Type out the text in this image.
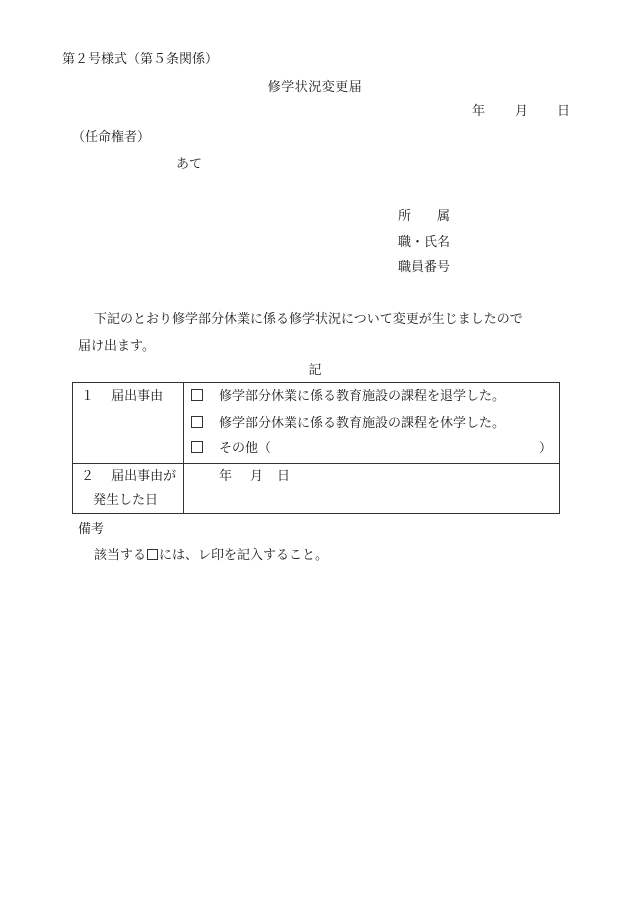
第２号様式（第５条関係）
修学状況変更届
年 月 日
（任命権者）
あて
所　　属
職・氏名
職員番号
下記のとおり修学部分休業に係る修学状況について変更が生じましたので
届け出ます。
記
１　 届出事由	修学部分休業に係る教育施設の課程を退学した。
修学部分休業に係る教育施設の課程を休学した。
その他（	）
２　 届出事由が
発生した日
年 月 日
備考
該当する には、レ印を記入すること。
